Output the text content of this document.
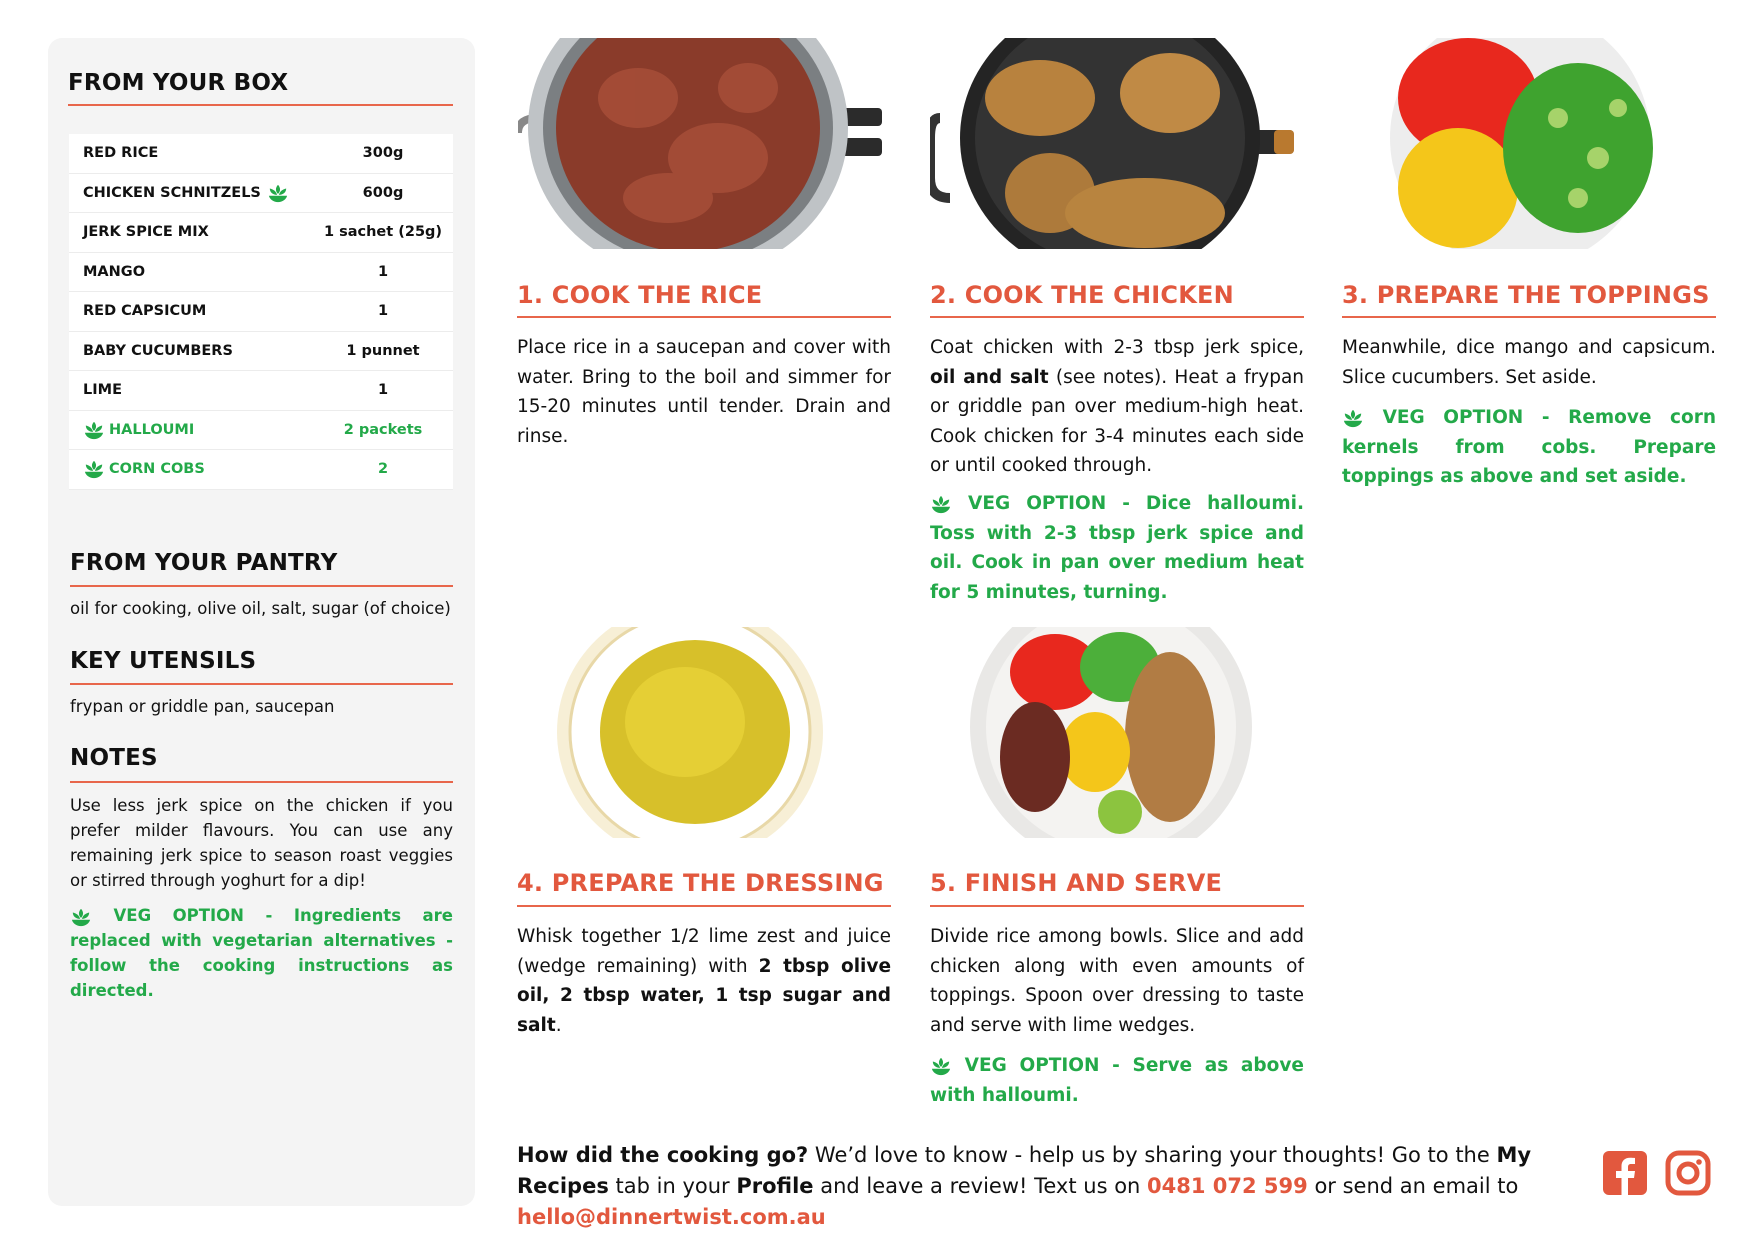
FROM YOUR BOX
RED RICE	300g
CHICKEN SCHNITZELS	600g
JERK SPICE MIX	1 sachet (25g)
MANGO	1
RED CAPSICUM	1
BABY CUCUMBERS	1 punnet
LIME	1

HALLOUMI	2 packets

CORN COBS	2
FROM YOUR PANTRY
oil for cooking, olive oil, salt, sugar (of choice)
KEY UTENSILS
frypan or griddle pan, saucepan
NOTES
Use less jerk spice on the chicken if you prefer milder flavours. You can use any remaining jerk spice to season roast veggies or stirred through yoghurt for a dip!
VEG OPTION - Ingredients are replaced with vegetarian alternatives - follow the cooking instructions as directed.
1. COOK THE RICE
Place rice in a saucepan and cover with water. Bring to the boil and simmer for 15-20 minutes until tender. Drain and rinse.
2. COOK THE CHICKEN
Coat chicken with 2-3 tbsp jerk spice, oil and salt (see notes). Heat a frypan or griddle pan over medium-high heat. Cook chicken for 3-4 minutes each side or until cooked through.
VEG OPTION - Dice halloumi. Toss with 2-3 tbsp jerk spice and oil. Cook in pan over medium heat for 5 minutes, turning.
3. PREPARE THE TOPPINGS
Meanwhile, dice mango and capsicum. Slice cucumbers. Set aside.
VEG OPTION - Remove corn kernels from cobs. Prepare toppings as above and set aside.
4. PREPARE THE DRESSING
Whisk together 1/2 lime zest and juice (wedge remaining) with 2 tbsp olive oil, 2 tbsp water, 1 tsp sugar and salt.
5. FINISH AND SERVE
Divide rice among bowls. Slice and add chicken along with even amounts of toppings. Spoon over dressing to taste and serve with lime wedges.
VEG OPTION - Serve as above with halloumi.
How did the cooking go? We’d love to know - help us by sharing your thoughts! Go to the My Recipes tab in your Profile and leave a review! Text us on 0481 072 599 or send an email to hello@dinnertwist.com.au
